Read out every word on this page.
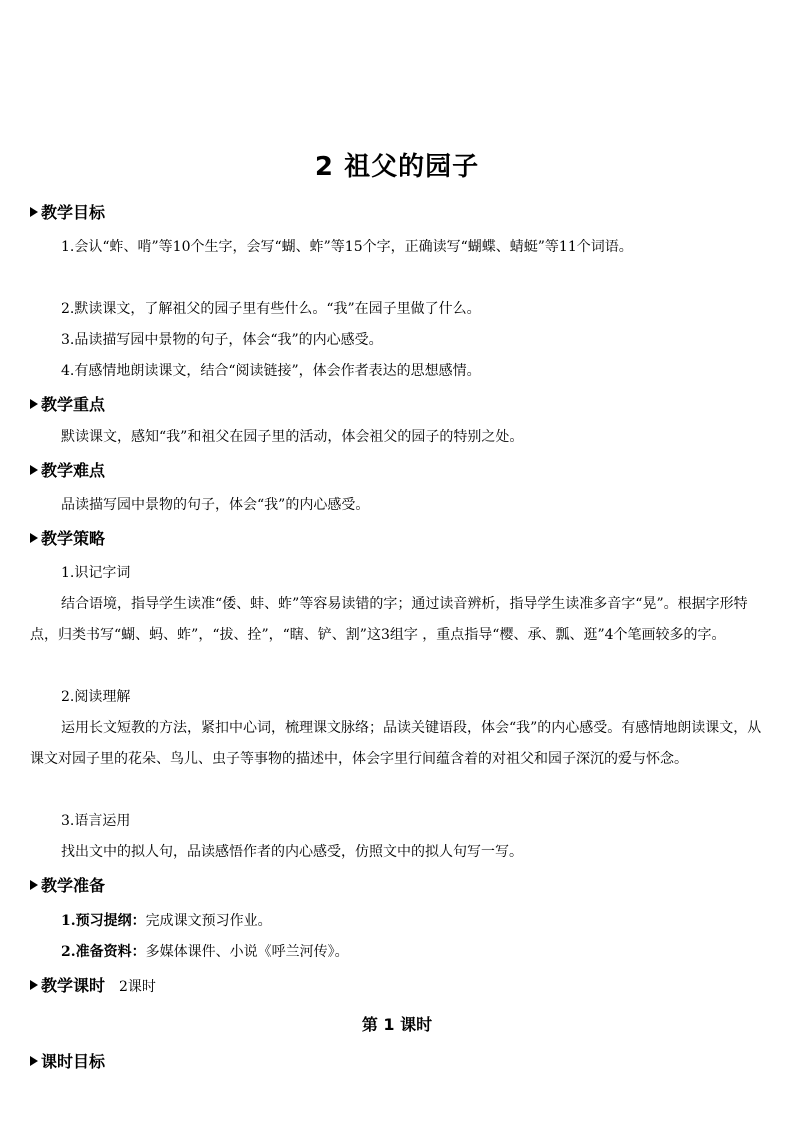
2 祖父的园子
教学目标

1.会认“蚱、啃”等10个生字，会写“蝴、蚱”等15个字，正确读写“蝴蝶、蜻蜓”等11个词语。

2.默读课文，了解祖父的园子里有些什么。“我”在园子里做了什么。

3.品读描写园中景物的句子，体会“我”的内心感受。

4.有感情地朗读课文，结合“阅读链接”，体会作者表达的思想感情。

教学重点

默读课文，感知“我”和祖父在园子里的活动，体会祖父的园子的特别之处。

教学难点

品读描写园中景物的句子，体会“我”的内心感受。

教学策略

1.识记字词

结合语境，指导学生读准“倭、蚌、蚱”等容易读错的字；通过读音辨析，指导学生读准多音字“晃”。根据字形特点，归类书写“蝴、蚂、蚱”，“拔、拴”，“瞎、铲、割”这3组字 ，重点指导“樱、承、瓢、逛”4个笔画较多的字。

2.阅读理解

运用长文短教的方法，紧扣中心词，梳理课文脉络；品读关键语段，体会“我”的内心感受。有感情地朗读课文，从课文对园子里的花朵、鸟儿、虫子等事物的描述中，体会字里行间蕴含着的对祖父和园子深沉的爱与怀念。

3.语言运用

找出文中的拟人句，品读感悟作者的内心感受，仿照文中的拟人句写一写。

教学准备

1.预习提纲：完成课文预习作业。

2.准备资料：多媒体课件、小说《呼兰河传》。

教学课时 2课时
第 1 课时
课时目标
